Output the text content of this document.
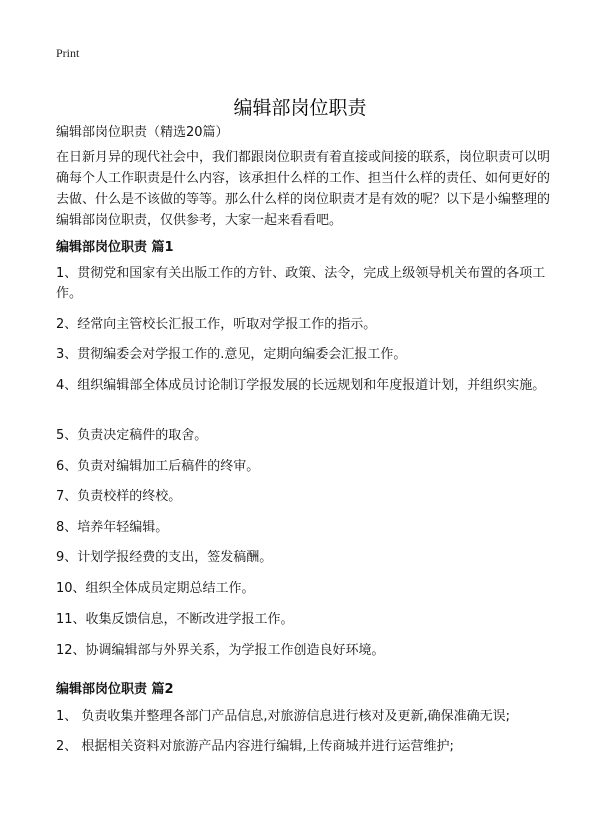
Print
编辑部岗位职责
编辑部岗位职责（精选20篇）

在日新月异的现代社会中，我们都跟岗位职责有着直接或间接的联系，岗位职责可以明确每个人工作职责是什么内容，该承担什么样的工作、担当什么样的责任、如何更好的去做、什么是不该做的等等。那么什么样的岗位职责才是有效的呢？以下是小编整理的编辑部岗位职责，仅供参考，大家一起来看看吧。

编辑部岗位职责 篇1

1、贯彻党和国家有关出版工作的方针、政策、法令，完成上级领导机关布置的各项工作。

2、经常向主管校长汇报工作，听取对学报工作的指示。

3、贯彻编委会对学报工作的.意见，定期向编委会汇报工作。

4、组织编辑部全体成员讨论制订学报发展的长远规划和年度报道计划，并组织实施。

5、负责决定稿件的取舍。

6、负责对编辑加工后稿件的终审。

7、负责校样的终校。

8、培养年轻编辑。

9、计划学报经费的支出，签发稿酬。

10、组织全体成员定期总结工作。

11、收集反馈信息，不断改进学报工作。

12、协调编辑部与外界关系，为学报工作创造良好环境。

编辑部岗位职责 篇2

1、 负责收集并整理各部门产品信息,对旅游信息进行核对及更新,确保准确无误;

2、 根据相关资料对旅游产品内容进行编辑,上传商城并进行运营维护;
